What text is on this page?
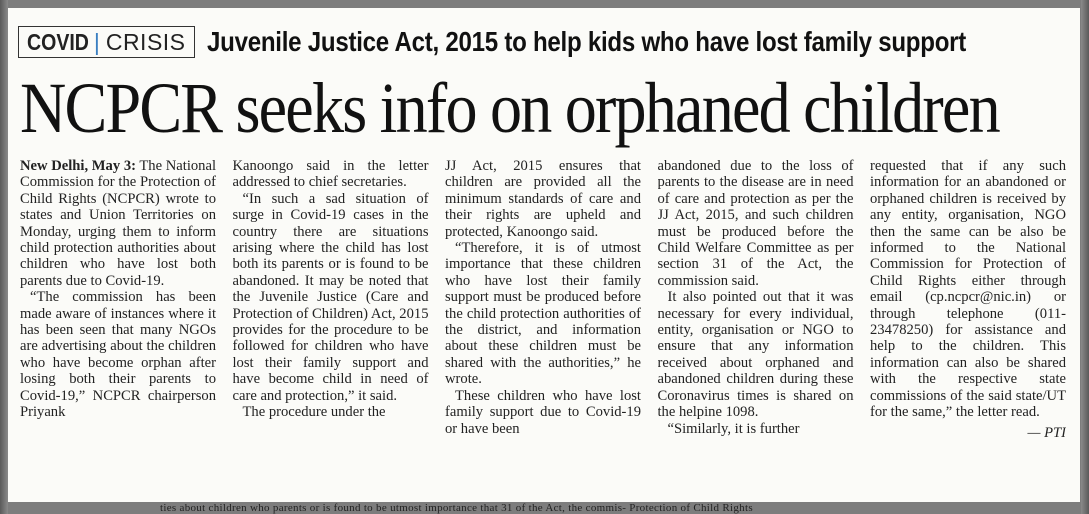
COVID | CRISIS Juvenile Justice Act, 2015 to help kids who have lost family support
NCPCR seeks info on orphaned children

New Delhi, May 3: The National Commission for the Protection of Child Rights (NCPCR) wrote to states and Union Territories on Monday, urging them to inform child protection authorities about children who have lost both parents due to Covid-19.

“The commission has been made aware of instances where it has been seen that many NGOs are advertising about the children who have become orphan after losing both their parents to Covid-19,” NCPCR chairperson Priyank

Kanoongo said in the letter addressed to chief secretaries.

“In such a sad situation of surge in Covid-19 cases in the country there are situations arising where the child has lost both its parents or is found to be abandoned. It may be noted that the Juvenile Justice (Care and Protection of Children) Act, 2015 provides for the procedure to be followed for children who have lost their family support and have become child in need of care and protection,” it said.

The procedure under the

JJ Act, 2015 ensures that children are provided all the minimum standards of care and their rights are upheld and protected, Kanoongo said.

“Therefore, it is of utmost importance that these children who have lost their family support must be produced before the child protection authorities of the district, and information about these children must be shared with the authorities,” he wrote.

These children who have lost family support due to Covid-19 or have been

abandoned due to the loss of parents to the disease are in need of care and protection as per the JJ Act, 2015, and such children must be produced before the Child Welfare Committee as per section 31 of the Act, the commission said.

It also pointed out that it was necessary for every individual, entity, organisation or NGO to ensure that any information received about orphaned and abandoned children during these Coronavirus times is shared on the helpine 1098.

“Similarly, it is further

requested that if any such information for an abandoned or orphaned children is received by any entity, organisation, NGO then the same can be also be informed to the National Commission for Protection of Child Rights either through email (cp.ncpcr@nic.in) or through telephone (011-23478250) for assistance and help to the children. This information can also be shared with the respective state commissions of the said state/UT for the same,” the letter read.

— PTI

ties about children who parents or is found to be utmost importance that 31 of the Act, the commis- Protection of Child Rights
